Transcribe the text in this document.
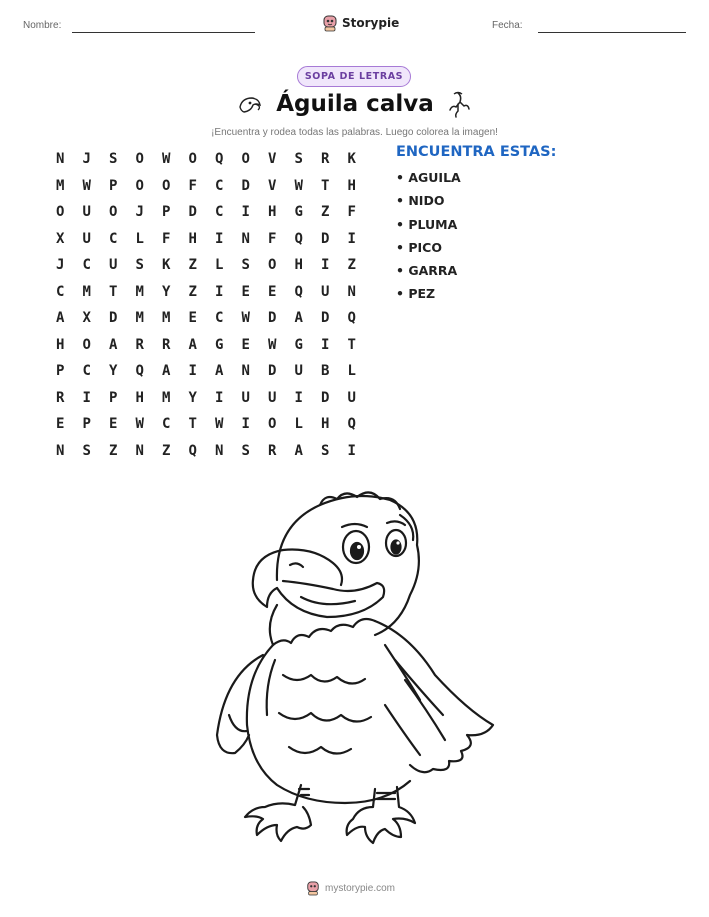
Nombre:	Storypie	Fecha:
SOPA DE LETRAS
Águila calva
¡Encuentra y rodea todas las palabras. Luego colorea la imagen!
N	J	S	O	W	O	Q	O	V	S	R	K
M	W	P	O	O	F	C	D	V	W	T	H
O	U	O	J	P	D	C	I	H	G	Z	F
X	U	C	L	F	H	I	N	F	Q	D	I
J	C	U	S	K	Z	L	S	O	H	I	Z
C	M	T	M	Y	Z	I	E	E	Q	U	N
A	X	D	M	M	E	C	W	D	A	D	Q
H	O	A	R	R	A	G	E	W	G	I	T
P	C	Y	Q	A	I	A	N	D	U	B	L
R	I	P	H	M	Y	I	U	U	I	D	U
E	P	E	W	C	T	W	I	O	L	H	Q
N	S	Z	N	Z	Q	N	S	R	A	S	I
ENCUENTRA ESTAS:
• AGUILA
• NIDO
• PLUMA
• PICO
• GARRA
• PEZ
mystorypie.com
